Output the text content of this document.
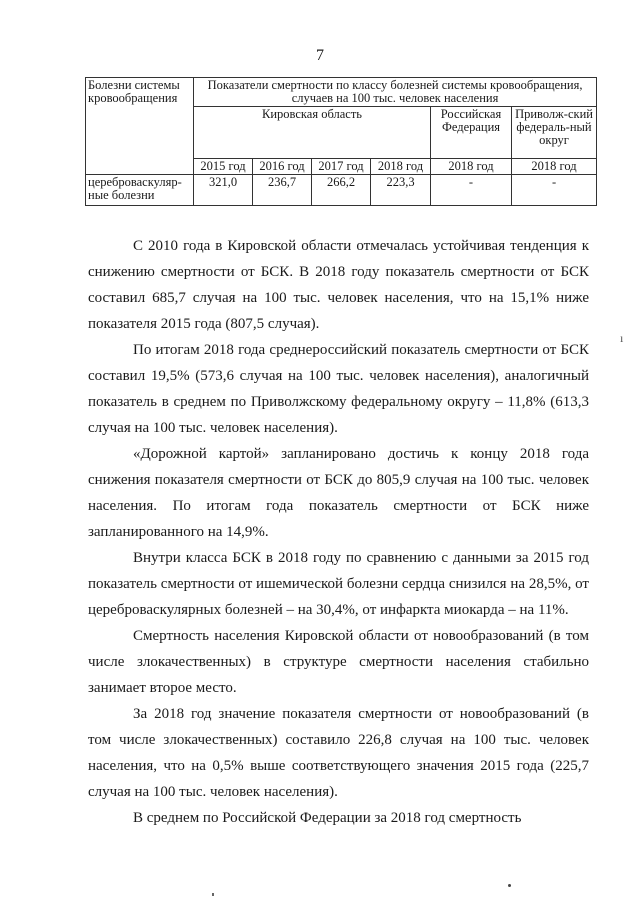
7
Болезни системы кровообращения	Показатели смертности по классу болезней системы кровообращения, случаев на 100 тыс. человек населения					
	Кировская область				Российская Федерация	Приволж-ский федераль-ный округ
	2015 год	2016 год	2017 год	2018 год	2018 год	2018 год
цереброваскуляр-ные болезни	321,0	236,7	266,2	223,3	-	-

С 2010 года в Кировской области отмечалась устойчивая тенденция к снижению смертности от БСК. В 2018 году показатель смертности от БСК составил 685,7 случая на 100 тыс. человек населения, что на 15,1% ниже показателя 2015 года (807,5 случая).

По итогам 2018 года среднероссийский показатель смертности от БСК составил 19,5% (573,6 случая на 100 тыс. человек населения), аналогичный показатель в среднем по Приволжскому федеральному округу – 11,8% (613,3 случая на 100 тыс. человек населения).

«Дорожной картой» запланировано достичь к концу 2018 года снижения показателя смертности от БСК до 805,9 случая на 100 тыс. человек населения. По итогам года показатель смертности от БСК ниже запланированного на 14,9%.

Внутри класса БСК в 2018 году по сравнению с данными за 2015 год показатель смертности от ишемической болезни сердца снизился на 28,5%, от цереброваскулярных болезней – на 30,4%, от инфаркта миокарда – на 11%.

Смертность населения Кировской области от новообразований (в том числе злокачественных) в структуре смертности населения стабильно занимает второе место.

За 2018 год значение показателя смертности от новообразований (в том числе злокачественных) составило 226,8 случая на 100 тыс. человек населения, что на 0,5% выше соответствующего значения 2015 года (225,7 случая на 100 тыс. человек населения).

В среднем по Российской Федерации за 2018 год смертность

ı
